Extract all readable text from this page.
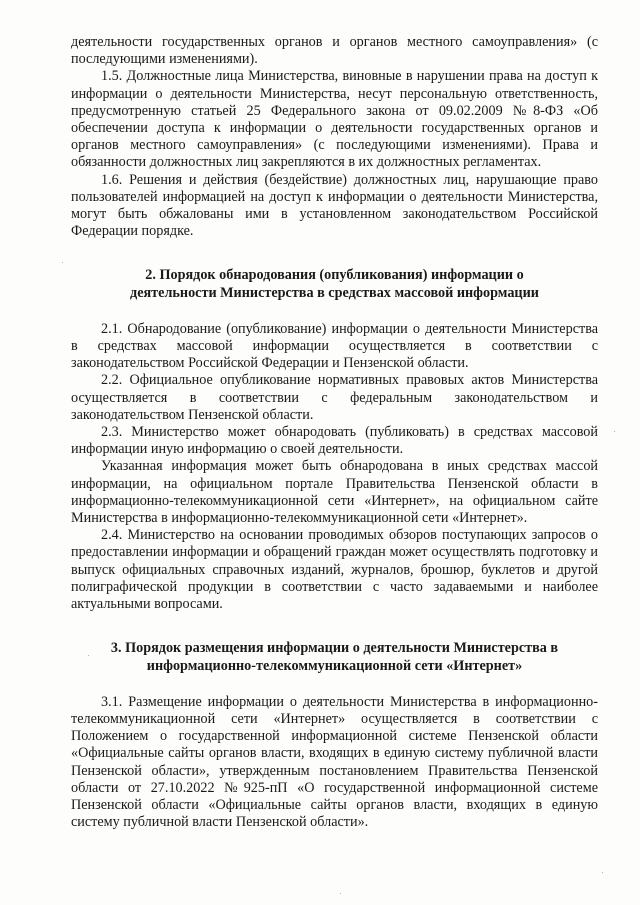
деятельности государственных органов и органов местного самоуправления» (с последующими изменениями).

1.5. Должностные лица Министерства, виновные в нарушении права на доступ к информации о деятельности Министерства, несут персональную ответственность, предусмотренную статьей 25 Федерального закона от 09.02.2009 №8-ФЗ «Об обеспечении доступа к информации о деятельности государственных органов и органов местного самоуправления» (с последующими изменениями). Права и обязанности должностных лиц закрепляются в их должностных регламентах.

1.6. Решения и действия (бездействие) должностных лиц, нарушающие право пользователей информацией на доступ к информации о деятельности Министерства, могут быть обжалованы ими в установленном законодательством Российской Федерации порядке.

2. Порядок обнародования (опубликования) информации о
деятельности Министерства в средствах массовой информации

2.1. Обнародование (опубликование) информации о деятельности Министерства в средствах массовой информации осуществляется в соответствии с законодательством Российской Федерации и Пензенской области.

2.2. Официальное опубликование нормативных правовых актов Министерства осуществляется в соответствии с федеральным законодательством и законодательством Пензенской области.

2.3. Министерство может обнародовать (публиковать) в средствах массовой информации иную информацию о своей деятельности.

Указанная информация может быть обнародована в иных средствах массой информации, на официальном портале Правительства Пензенской области в информационно-телекоммуникационной сети «Интернет», на официальном сайте Министерства в информационно-телекоммуникационной сети «Интернет».

2.4. Министерство на основании проводимых обзоров поступающих запросов о предоставлении информации и обращений граждан может осуществлять подготовку и выпуск официальных справочных изданий, журналов, брошюр, буклетов и другой полиграфической продукции в соответствии с часто задаваемыми и наиболее актуальными вопросами.

3. Порядок размещения информации о деятельности Министерства в
информационно-телекоммуникационной сети «Интернет»

3.1. Размещение информации о деятельности Министерства в информационно-телекоммуникационной сети «Интернет» осуществляется в соответствии с Положением о государственной информационной системе Пензенской области «Официальные сайты органов власти, входящих в единую систему публичной власти Пензенской области», утвержденным постановлением Правительства Пензенской области от 27.10.2022 №925-пП «О государственной информационной системе Пензенской области «Официальные сайты органов власти, входящих в единую систему публичной власти Пензенской области».
